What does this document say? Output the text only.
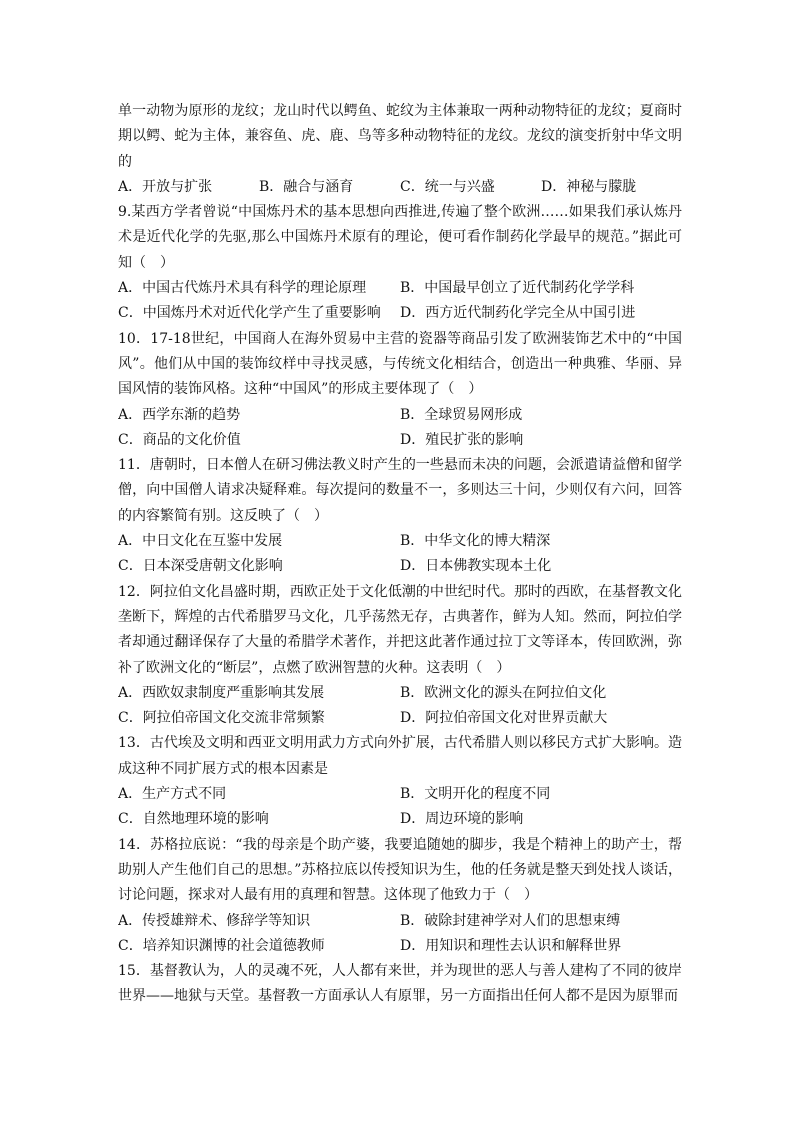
单一动物为原形的龙纹；龙山时代以鳄鱼、蛇纹为主体兼取一两种动物特征的龙纹；夏商时期以鳄、蛇为主体，兼容鱼、虎、鹿、鸟等多种动物特征的龙纹。龙纹的演变折射中华文明的

A．开放与扩张	B．融合与涵育	C．统一与兴盛	D．神秘与朦胧

9.某西方学者曾说“中国炼丹术的基本思想向西推进,传遍了整个欧洲……如果我们承认炼丹术是近代化学的先驱,那么中国炼丹术原有的理论，便可看作制药化学最早的规范。”据此可知（　）

A．中国古代炼丹术具有科学的理论原理	B．中国最早创立了近代制药化学学科
C．中国炼丹术对近代化学产生了重要影响	D．西方近代制药化学完全从中国引进

10．17-18世纪，中国商人在海外贸易中主营的瓷器等商品引发了欧洲装饰艺术中的“中国风”。他们从中国的装饰纹样中寻找灵感，与传统文化相结合，创造出一种典雅、华丽、异国风情的装饰风格。这种“中国风”的形成主要体现了（　）

A．西学东渐的趋势	B．全球贸易网形成
C．商品的文化价值	D．殖民扩张的影响

11．唐朝时，日本僧人在研习佛法教义时产生的一些悬而未决的问题，会派遣请益僧和留学僧，向中国僧人请求决疑释难。每次提问的数量不一，多则达三十问，少则仅有六问，回答的内容繁简有别。这反映了（　）

A．中日文化在互鉴中发展	B．中华文化的博大精深
C．日本深受唐朝文化影响	D．日本佛教实现本土化

12．阿拉伯文化昌盛时期，西欧正处于文化低潮的中世纪时代。那时的西欧，在基督教文化垄断下，辉煌的古代希腊罗马文化，几乎荡然无存，古典著作，鲜为人知。然而，阿拉伯学者却通过翻译保存了大量的希腊学术著作，并把这此著作通过拉丁文等译本，传回欧洲，弥补了欧洲文化的“断层”，点燃了欧洲智慧的火种。这表明（　）

A．西欧奴隶制度严重影响其发展	B．欧洲文化的源头在阿拉伯文化
C．阿拉伯帝国文化交流非常频繁	D．阿拉伯帝国文化对世界贡献大

13．古代埃及文明和西亚文明用武力方式向外扩展，古代希腊人则以移民方式扩大影响。造成这种不同扩展方式的根本因素是

A．生产方式不同	B．文明开化的程度不同
C．自然地理环境的影响	D．周边环境的影响

14．苏格拉底说：“我的母亲是个助产婆，我要追随她的脚步，我是个精神上的助产士，帮助别人产生他们自己的思想。”苏格拉底以传授知识为生，他的任务就是整天到处找人谈话，讨论问题，探求对人最有用的真理和智慧。这体现了他致力于（　）

A．传授雄辩术、修辞学等知识	B．破除封建神学对人们的思想束缚
C．培养知识渊博的社会道德教师	D．用知识和理性去认识和解释世界

15．基督教认为，人的灵魂不死，人人都有来世，并为现世的恶人与善人建构了不同的彼岸世界——地狱与天堂。基督教一方面承认人有原罪，另一方面指出任何人都不是因为原罪而
